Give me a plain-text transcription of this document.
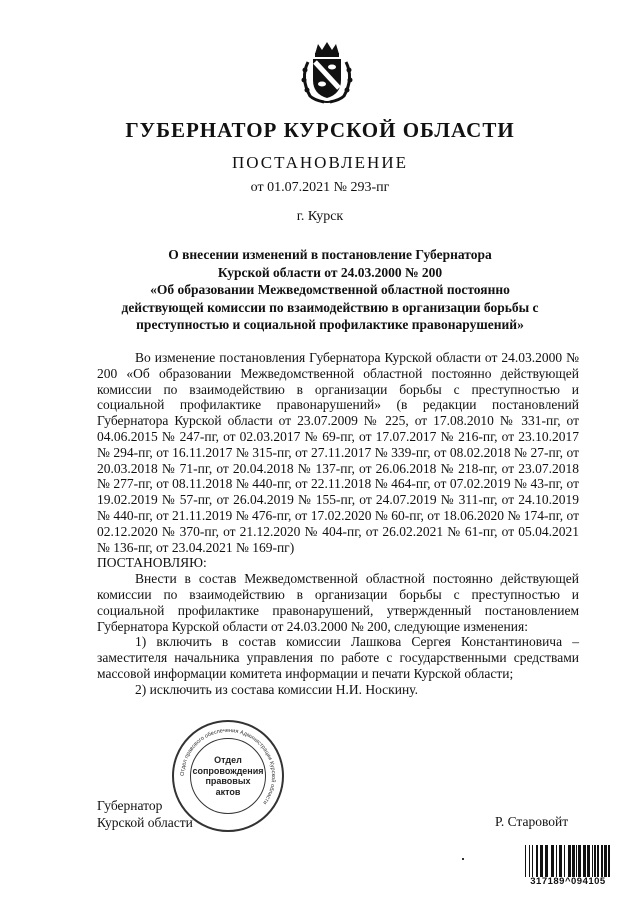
ГУБЕРНАТОР КУРСКОЙ ОБЛАСТИ
ПОСТАНОВЛЕНИЕ
от 01.07.2021 № 293-пг
г. Курск
О внесении изменений в постановление Губернатора
Курской области от 24.03.2000 № 200
«Об образовании Межведомственной областной постоянно
действующей комиссии по взаимодействию в организации борьбы с
преступностью и социальной профилактике правонарушений»

Во изменение постановления Губернатора Курской области от 24.03.2000 № 200 «Об образовании Межведомственной областной постоянно действующей комиссии по взаимодействию в организации борьбы с преступностью и социальной профилактике правонарушений» (в редакции постановлений Губернатора Курской области от 23.07.2009 № 225, от 17.08.2010 № 331-пг, от 04.06.2015 № 247-пг, от 02.03.2017 № 69-пг, от 17.07.2017 № 216-пг, от 23.10.2017 № 294-пг, от 16.11.2017 № 315-пг, от 27.11.2017 № 339-пг, от 08.02.2018 № 27-пг, от 20.03.2018 № 71-пг, от 20.04.2018 № 137-пг, от 26.06.2018 № 218-пг, от 23.07.2018 № 277-пг, от 08.11.2018 № 440-пг, от 22.11.2018 № 464-пг, от 07.02.2019 № 43-пг, от 19.02.2019 № 57-пг, от 26.04.2019 № 155-пг, от 24.07.2019 № 311-пг, от 24.10.2019 № 440-пг, от 21.11.2019 № 476-пг, от 17.02.2020 № 60-пг, от 18.06.2020 № 174-пг, от 02.12.2020 № 370-пг, от 21.12.2020 № 404-пг, от 26.02.2021 № 61-пг, от 05.04.2021 № 136-пг, от 23.04.2021 № 169-пг)

ПОСТАНОВЛЯЮ:

Внести в состав Межведомственной областной постоянно действующей комиссии по взаимодействию в организации борьбы с преступностью и социальной профилактике правонарушений, утвержденный постановлением Губернатора Курской области от 24.03.2000 № 200, следующие изменения:

1) включить в состав комиссии Лашкова Сергея Константиновича – заместителя начальника управления по работе с государственными средствами массовой информации комитета информации и печати Курской области;

2) исключить из состава комиссии Н.И. Носкину.

Губернатор
Курской области	Р. Старовойт
Отдел правового обеспечения Администрации Курской области
Отдел
сопровождения
правовых
актов
317189^094105
